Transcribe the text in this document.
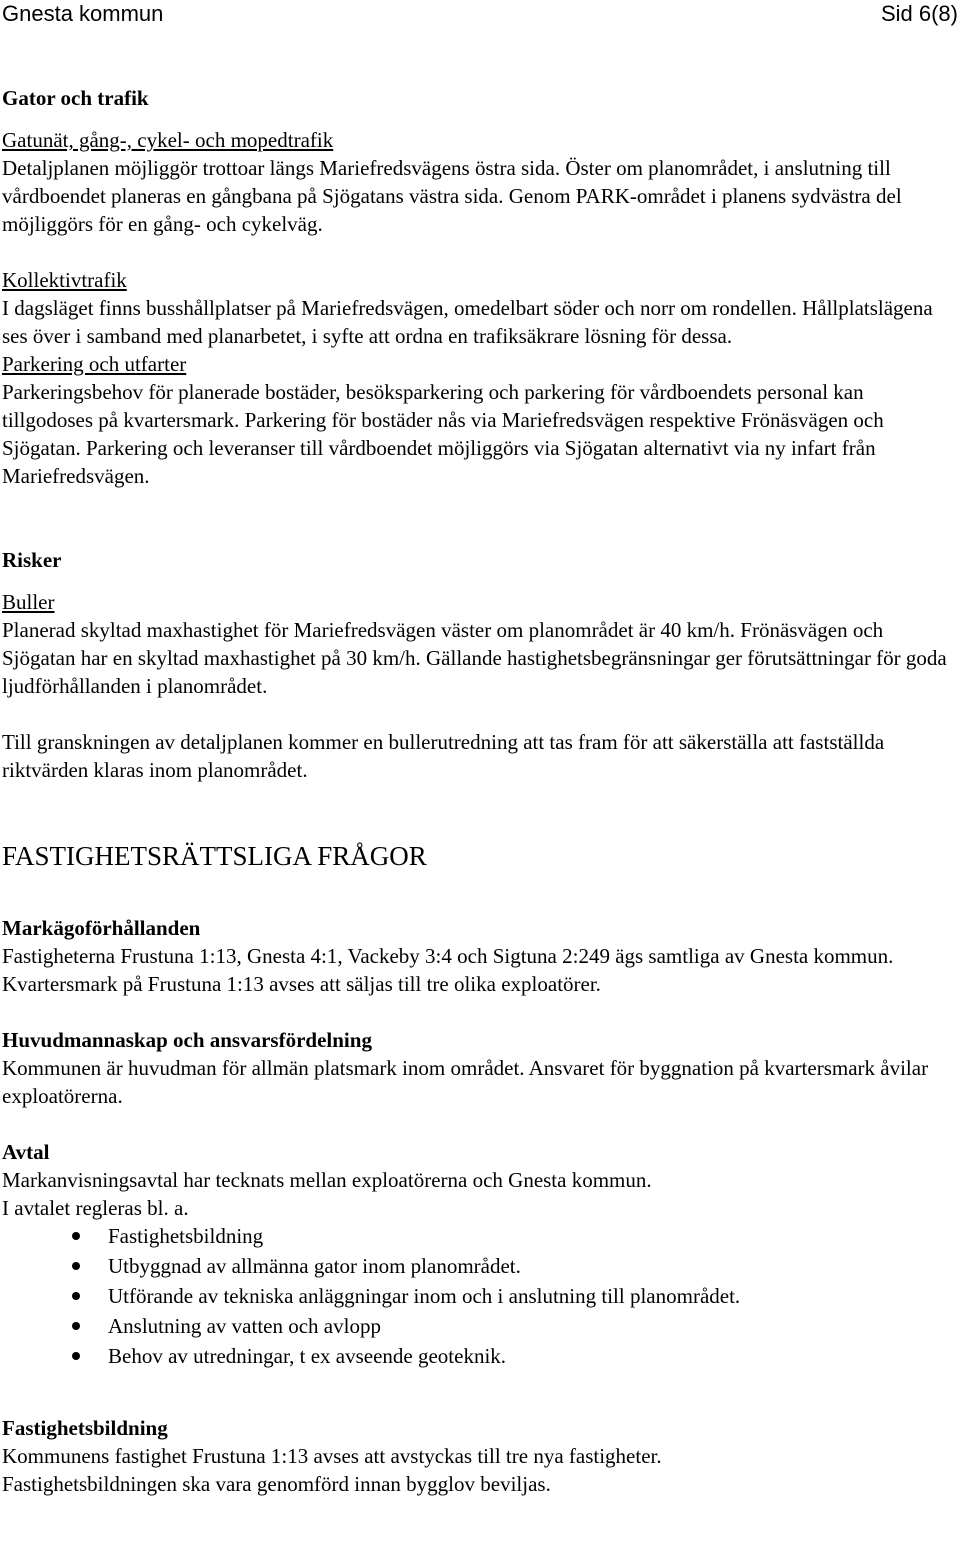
Gnesta kommun	Sid 6(8)

Gator och trafik

Gatunät, gång-, cykel- och mopedtrafik

Detaljplanen möjliggör trottoar längs Mariefredsvägens östra sida. Öster om planområdet, i anslutning till vårdboendet planeras en gångbana på Sjögatans västra sida. Genom PARK-området i planens sydvästra del möjliggörs för en gång- och cykelväg.

Kollektivtrafik

I dagsläget finns busshållplatser på Mariefredsvägen, omedelbart söder och norr om rondellen. Hållplatslägena ses över i samband med planarbetet, i syfte att ordna en trafiksäkrare lösning för dessa.

Parkering och utfarter

Parkeringsbehov för planerade bostäder, besöksparkering och parkering för vårdboendets personal kan tillgodoses på kvartersmark. Parkering för bostäder nås via Mariefredsvägen respektive Frönäsvägen och Sjögatan. Parkering och leveranser till vårdboendet möjliggörs via Sjögatan alternativt via ny infart från Mariefredsvägen.

Risker

Buller

Planerad skyltad maxhastighet för Mariefredsvägen väster om planområdet är 40 km/h. Frönäsvägen och Sjögatan har en skyltad maxhastighet på 30 km/h. Gällande hastighetsbegränsningar ger förutsättningar för goda ljudförhållanden i planområdet.

Till granskningen av detaljplanen kommer en bullerutredning att tas fram för att säkerställa att fastställda riktvärden klaras inom planområdet.

FASTIGHETSRÄTTSLIGA FRÅGOR

Markägoförhållanden

Fastigheterna Frustuna 1:13, Gnesta 4:1, Vackeby 3:4 och Sigtuna 2:249 ägs samtliga av Gnesta kommun. Kvartersmark på Frustuna 1:13 avses att säljas till tre olika exploatörer.

Huvudmannaskap och ansvarsfördelning

Kommunen är huvudman för allmän platsmark inom området. Ansvaret för byggnation på kvartersmark åvilar exploatörerna.

Avtal

Markanvisningsavtal har tecknats mellan exploatörerna och Gnesta kommun.

I avtalet regleras bl. a.

Fastighetsbildning
Utbyggnad av allmänna gator inom planområdet.
Utförande av tekniska anläggningar inom och i anslutning till planområdet.
Anslutning av vatten och avlopp
Behov av utredningar, t ex avseende geoteknik.

Fastighetsbildning

Kommunens fastighet Frustuna 1:13 avses att avstyckas till tre nya fastigheter.

Fastighetsbildningen ska vara genomförd innan bygglov beviljas.
